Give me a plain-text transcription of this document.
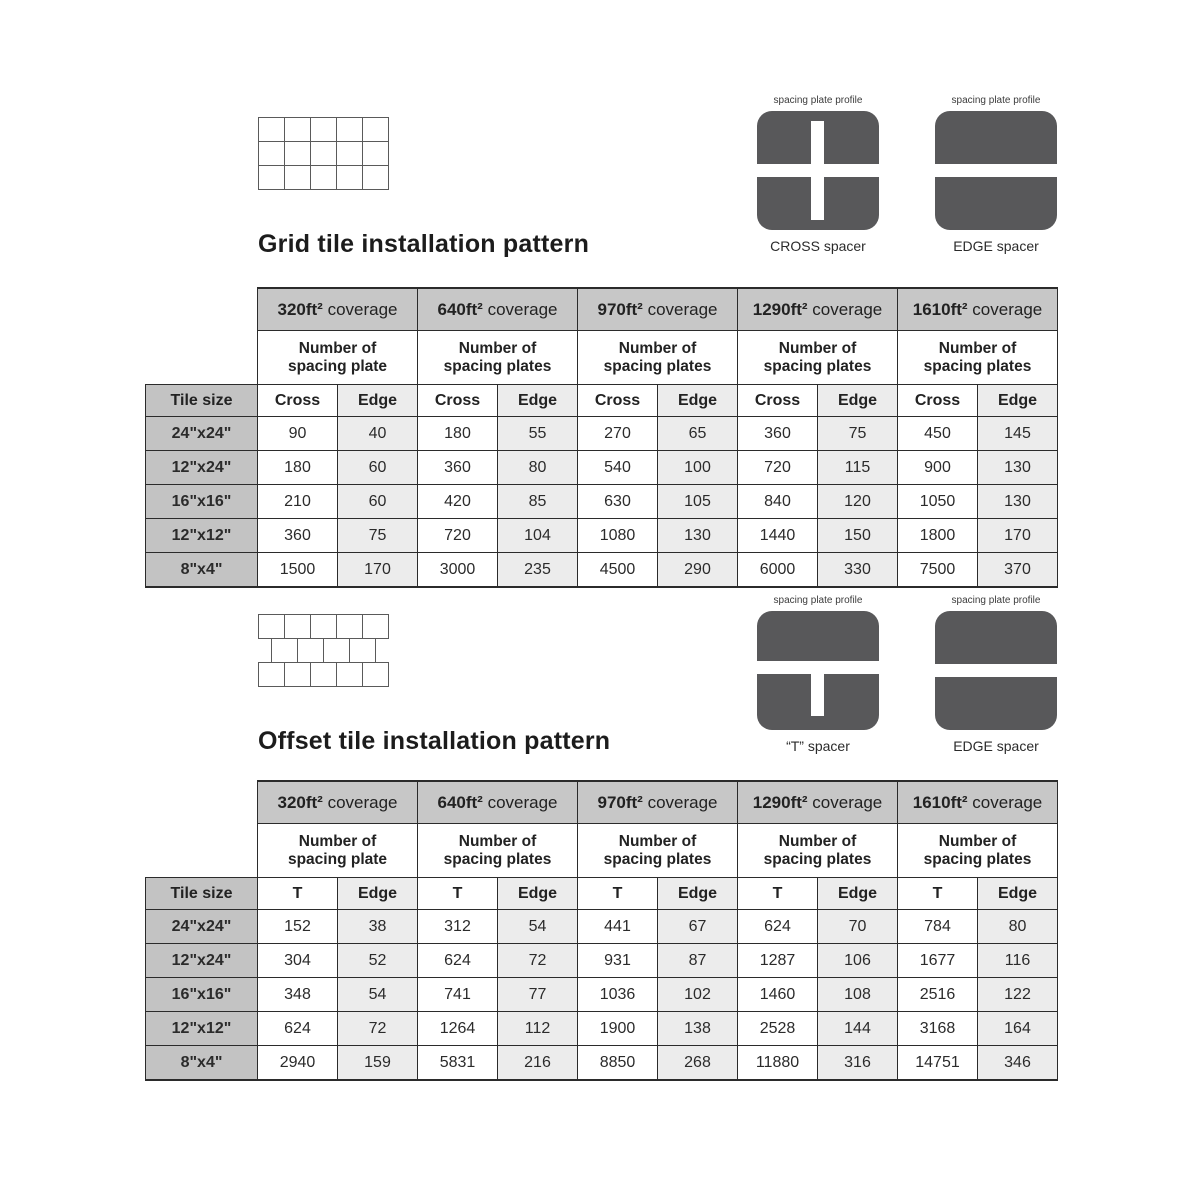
Grid tile installation pattern
spacing plate profile
CROSS spacer
spacing plate profile
EDGE spacer
	320ft² coverage		640ft² coverage		970ft² coverage		1290ft² coverage		1610ft² coverage	
	Number of spacing plate		Number of spacing plates		Number of spacing plates		Number of spacing plates		Number of spacing plates	
Tile size	Cross	Edge	Cross	Edge	Cross	Edge	Cross	Edge	Cross	Edge
24"x24"	90	40	180	55	270	65	360	75	450	145
12"x24"	180	60	360	80	540	100	720	115	900	130
16"x16"	210	60	420	85	630	105	840	120	1050	130
12"x12"	360	75	720	104	1080	130	1440	150	1800	170
8"x4"	1500	170	3000	235	4500	290	6000	330	7500	370
Offset tile installation pattern
spacing plate profile
“T” spacer
spacing plate profile
EDGE spacer
	320ft² coverage		640ft² coverage		970ft² coverage		1290ft² coverage		1610ft² coverage	
	Number of spacing plate		Number of spacing plates		Number of spacing plates		Number of spacing plates		Number of spacing plates	
Tile size	T	Edge	T	Edge	T	Edge	T	Edge	T	Edge
24"x24"	152	38	312	54	441	67	624	70	784	80
12"x24"	304	52	624	72	931	87	1287	106	1677	116
16"x16"	348	54	741	77	1036	102	1460	108	2516	122
12"x12"	624	72	1264	112	1900	138	2528	144	3168	164
8"x4"	2940	159	5831	216	8850	268	11880	316	14751	346
